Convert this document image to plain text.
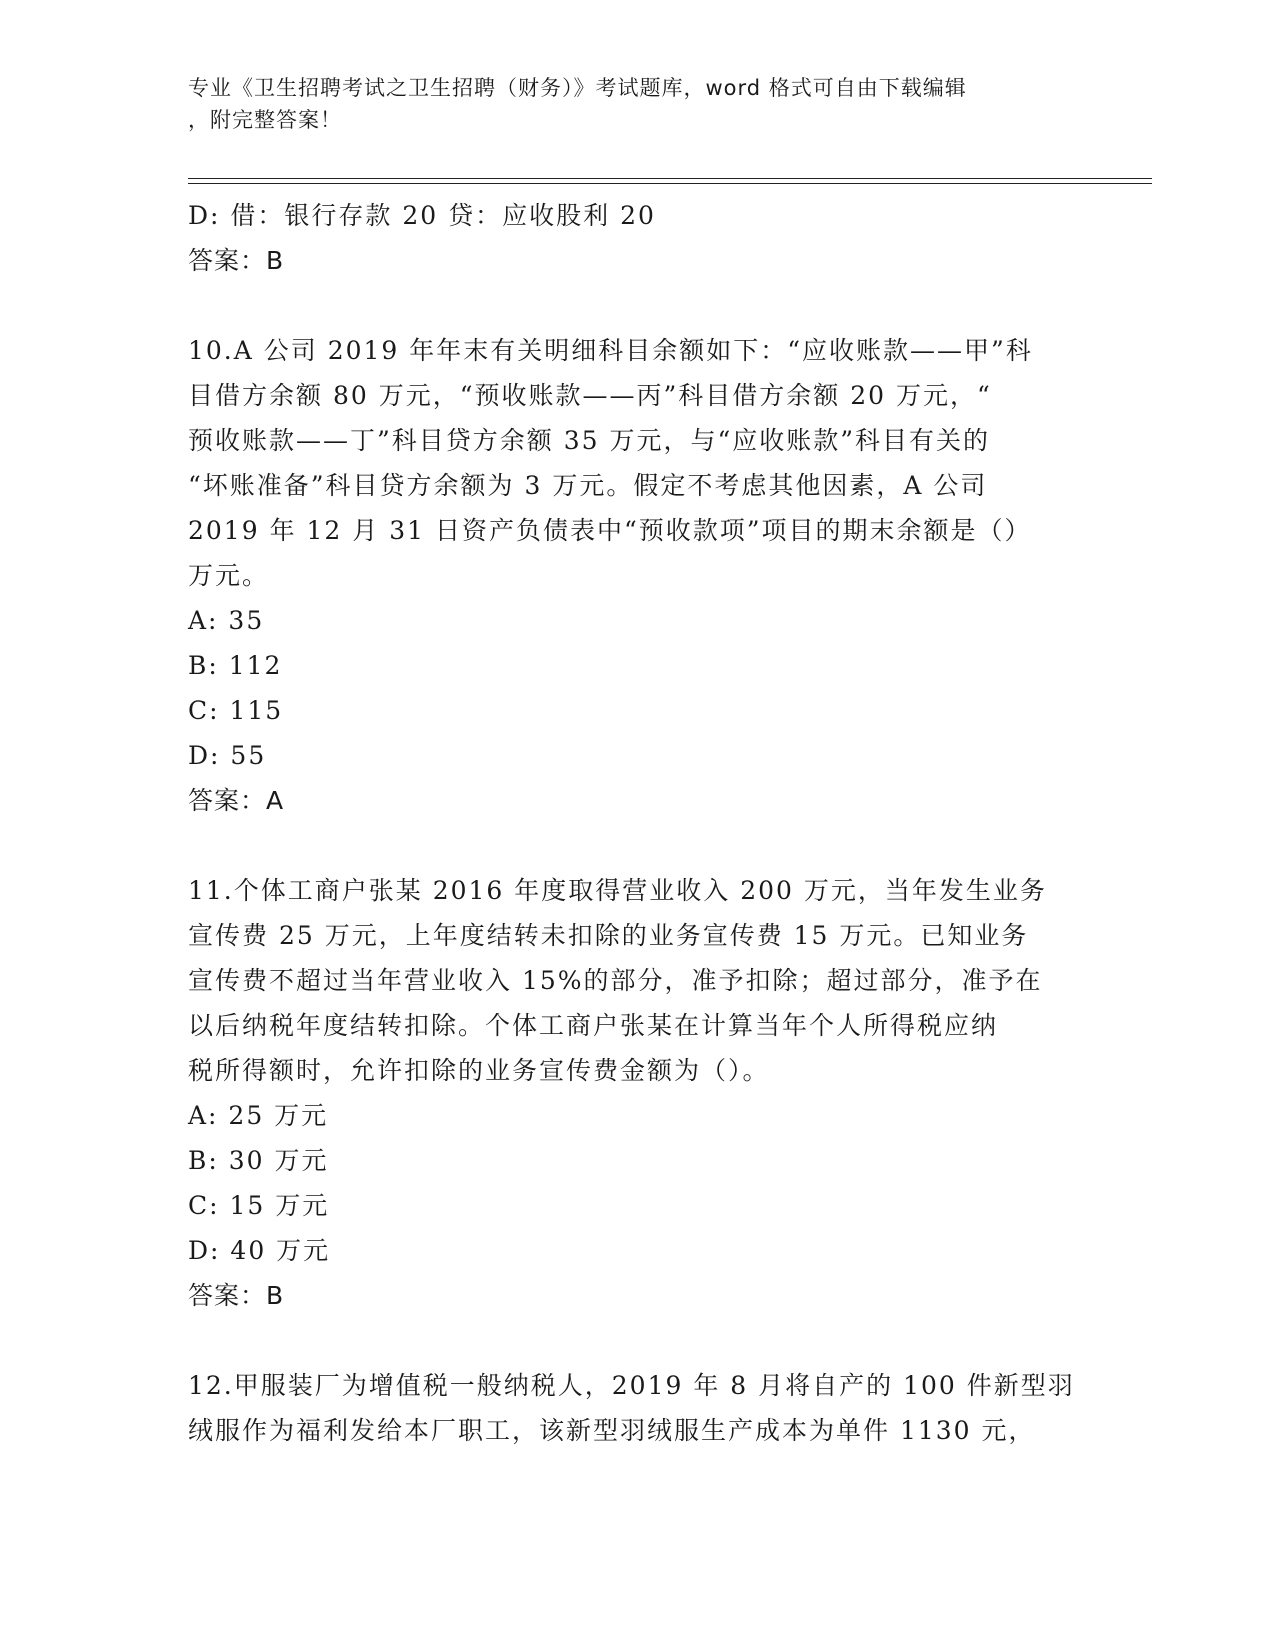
专业《卫生招聘考试之卫生招聘（财务）》考试题库，word 格式可自由下载编辑
，附完整答案！
D: 借：银行存款 20 贷：应收股利 20
答案：B
10.A 公司 2019 年年末有关明细科目余额如下：“应收账款——甲”科
目借方余额 80 万元，“预收账款——丙”科目借方余额 20 万元，“
预收账款——丁”科目贷方余额 35 万元，与“应收账款”科目有关的
“坏账准备”科目贷方余额为 3 万元。假定不考虑其他因素，A 公司
2019 年 12 月 31 日资产负债表中“预收款项”项目的期末余额是（）
万元。
A: 35
B: 112
C: 115
D: 55
答案：A
11.个体工商户张某 2016 年度取得营业收入 200 万元，当年发生业务
宣传费 25 万元，上年度结转未扣除的业务宣传费 15 万元。已知业务
宣传费不超过当年营业收入 15%的部分，准予扣除；超过部分，准予在
以后纳税年度结转扣除。个体工商户张某在计算当年个人所得税应纳
税所得额时，允许扣除的业务宣传费金额为（）。
A: 25 万元
B: 30 万元
C: 15 万元
D: 40 万元
答案：B
12.甲服装厂为增值税一般纳税人，2019 年 8 月将自产的 100 件新型羽
绒服作为福利发给本厂职工，该新型羽绒服生产成本为单件 1130 元，
